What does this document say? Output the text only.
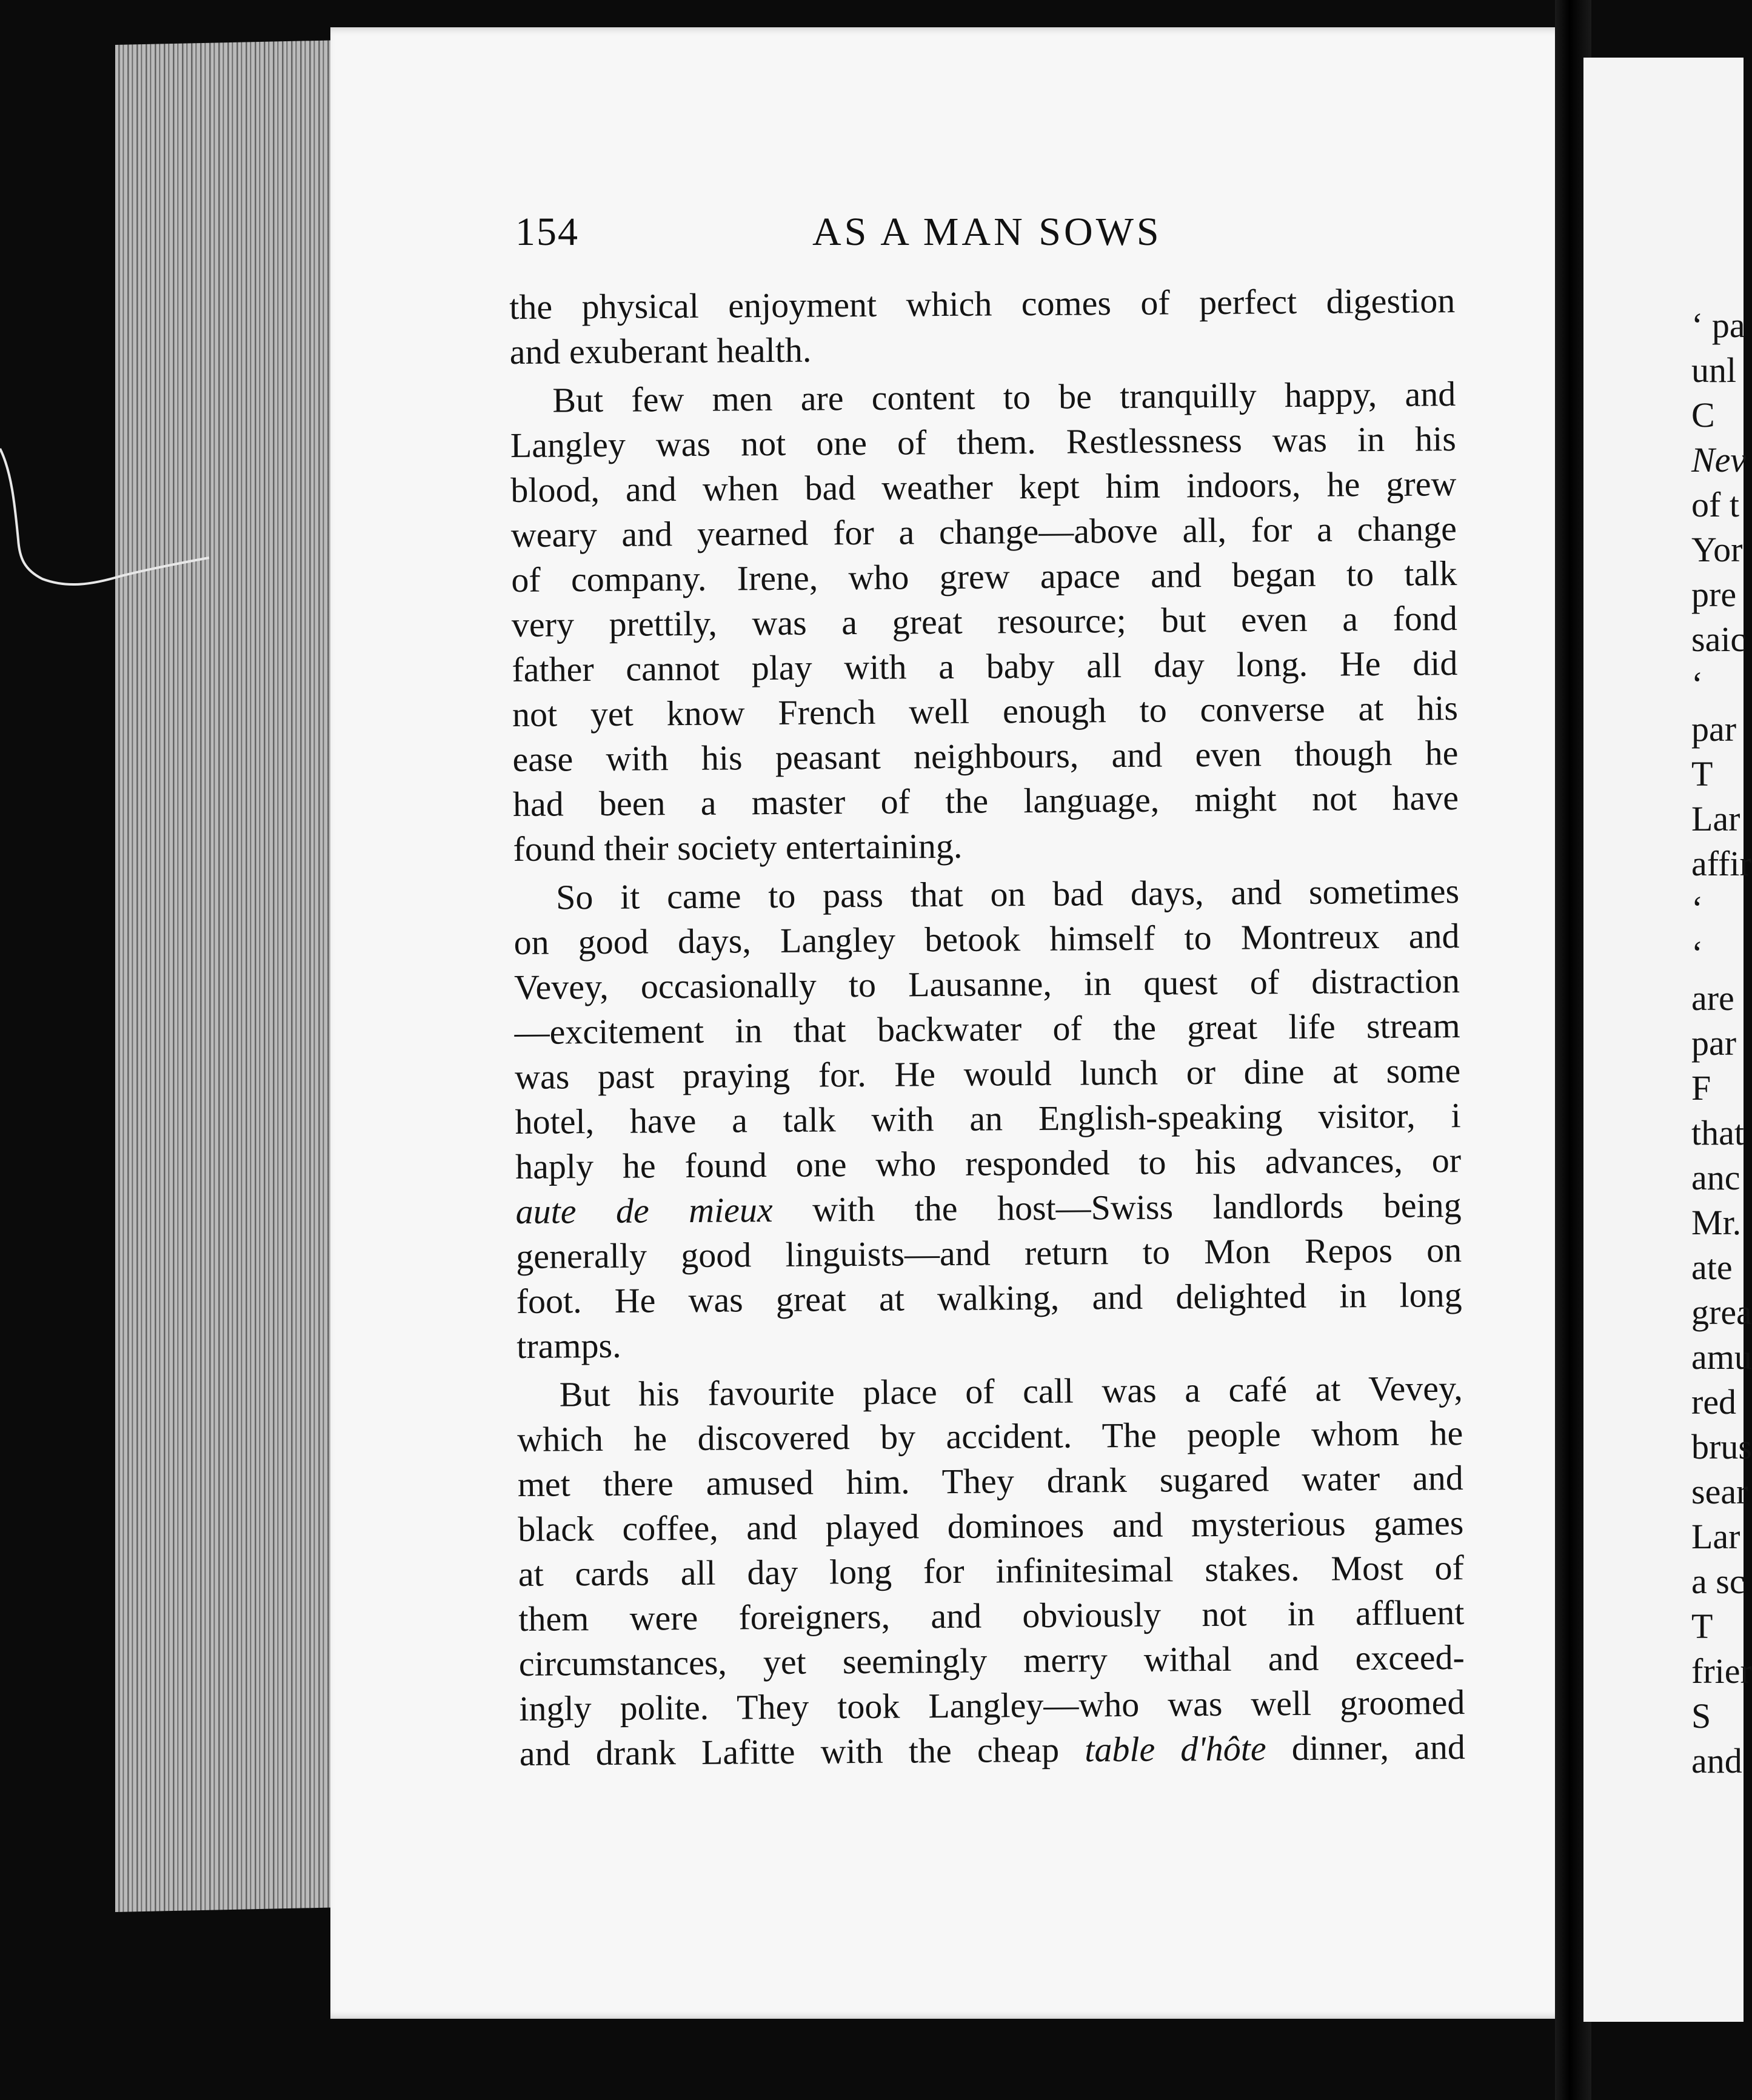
154	AS A MAN SOWS
the physical enjoyment which comes of perfect digestion
and exuberant health.
But few men are content to be tranquilly happy, and
Langley was not one of them. Restlessness was in his
blood, and when bad weather kept him indoors, he grew
weary and yearned for a change—above all, for a change
of company. Irene, who grew apace and began to talk
very prettily, was a great resource; but even a fond
father cannot play with a baby all day long. He did
not yet know French well enough to converse at his
ease with his peasant neighbours, and even though he
had been a master of the language, might not have
found their society entertaining.
So it came to pass that on bad days, and sometimes
on good days, Langley betook himself to Montreux and
Vevey, occasionally to Lausanne, in quest of distraction
—excitement in that backwater of the great life stream
was past praying for. He would lunch or dine at some
hotel, have a talk with an English-speaking visitor, i
haply he found one who responded to his advances, or
aute de mieux with the host—Swiss landlords being
generally good linguists—and return to Mon Repos on
foot. He was great at walking, and delighted in long
tramps.
But his favourite place of call was a café at Vevey,
which he discovered by accident. The people whom he
met there amused him. They drank sugared water and
black coffee, and played dominoes and mysterious games
at cards all day long for infinitesimal stakes. Most of
them were foreigners, and obviously not in affluent
circumstances, yet seemingly merry withal and exceed-
ingly polite. They took Langley—who was well groomed
and drank Lafitte with the cheap table d'hôte dinner, and
‘ pa
unl
C
Nev
of t
Yor
pre
saic
‘
par
T
Lar
affir
‘
‘
are
par
F
that
anc
Mr.
ate
grea
amu
red
brus
sear
Lar
a sc
T
frier
S
and
